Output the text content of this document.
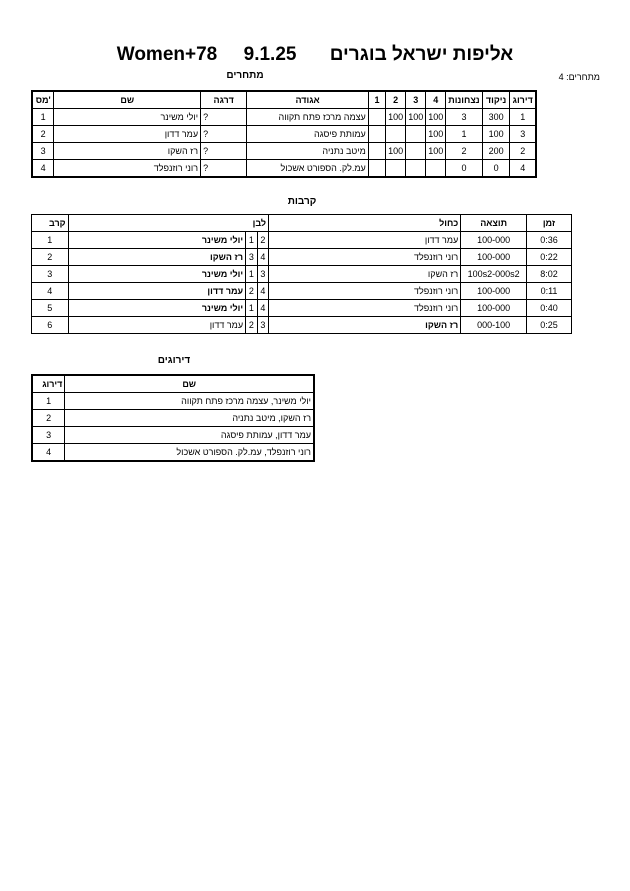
Women+78 9.1.25 אליפות ישראל בוגרים
מתחרים: 4
מתחרים
מס'	שם	דרגה	אגודה	1	2	3	4	נצחונות	ניקוד	דירוג
1	יולי משינר	?	עצמה מרכז פתח תקווה		100	100	100	3	300	1
2	עמר דדון	?	עמותת פיסגה				100	1	100	3
3	רז השקו	?	מיטב נתניה		100		100	2	200	2
4	רוני רוזנפלד	?	עמ.לק. הספורט אשכול					0	0	4
קרבות
קרב	לבן			כחול	תוצאה	זמן
1	יולי משינר	1	2	עמר דדון	100-000	0:36
2	רז השקו	3	4	רוני רוזנפלד	100-000	0:22
3	יולי משינר	1	3	רז השקו	100s2-000s2	8:02
4	עמר דדון	2	4	רוני רוזנפלד	100-000	0:11
5	יולי משינר	1	4	רוני רוזנפלד	100-000	0:40
6	עמר דדון	2	3	רז השקו	000-100	0:25
דירוגים
דירוג	שם
1	יולי משינר, עצמה מרכז פתח תקווה
2	רז השקו, מיטב נתניה
3	עמר דדון, עמותת פיסגה
4	רוני רוזנפלד, עמ.לק. הספורט אשכול
